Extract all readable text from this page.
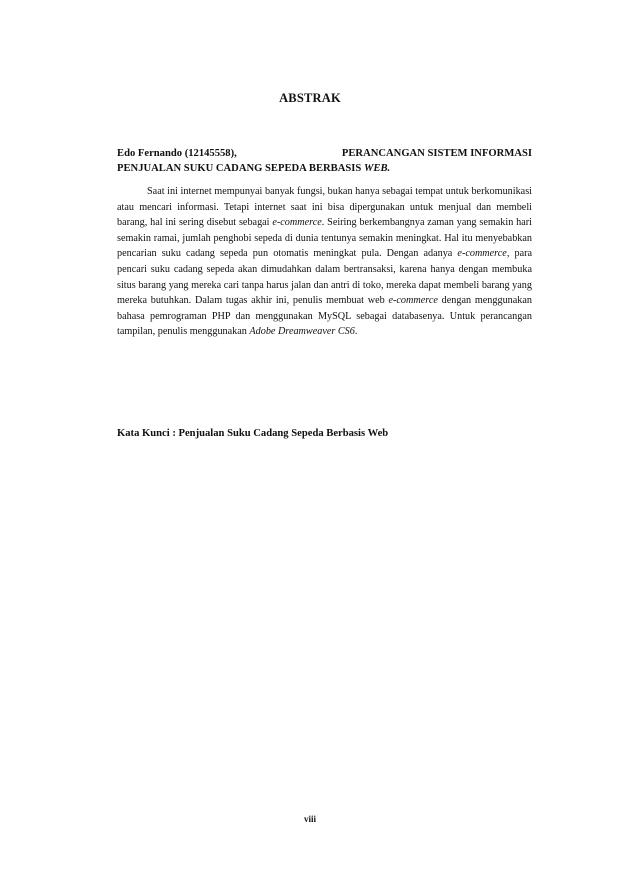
ABSTRAK
Edo Fernando (12145558),	PERANCANGAN SISTEM INFORMASI
PENJUALAN SUKU CADANG SEPEDA BERBASIS WEB.

Saat ini internet mempunyai banyak fungsi, bukan hanya sebagai tempat untuk berkomunikasi atau mencari informasi. Tetapi internet saat ini bisa dipergunakan untuk menjual dan membeli barang, hal ini sering disebut sebagai e-commerce. Seiring berkembangnya zaman yang semakin hari semakin ramai, jumlah penghobi sepeda di dunia tentunya semakin meningkat. Hal itu menyebabkan pencarian suku cadang sepeda pun otomatis meningkat pula. Dengan adanya e-commerce, para pencari suku cadang sepeda akan dimudahkan dalam bertransaksi, karena hanya dengan membuka situs barang yang mereka cari tanpa harus jalan dan antri di toko, mereka dapat membeli barang yang mereka butuhkan. Dalam tugas akhir ini, penulis membuat web e-commerce dengan menggunakan bahasa pemrograman PHP dan menggunakan MySQL sebagai databasenya. Untuk perancangan tampilan, penulis menggunakan Adobe Dreamweaver CS6.

Kata Kunci : Penjualan Suku Cadang Sepeda Berbasis Web
viii
